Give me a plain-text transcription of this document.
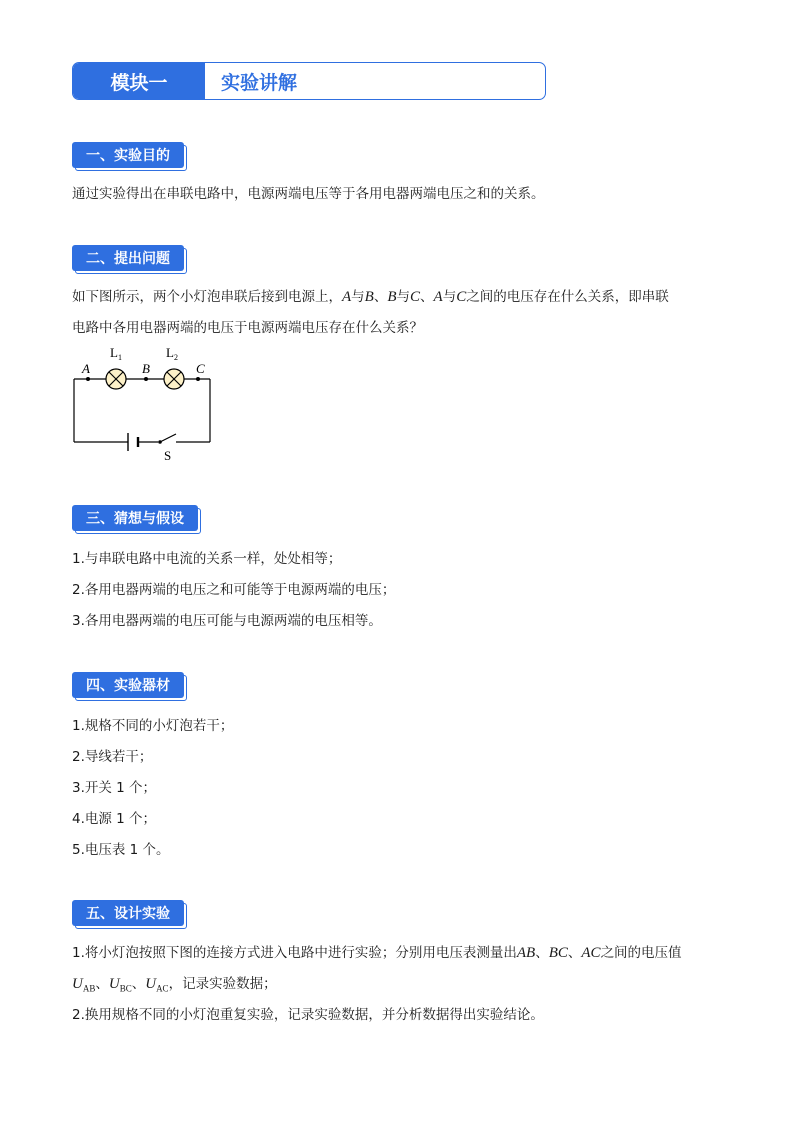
模块一	实验讲解
一、实验目的
通过实验得出在串联电路中，电源两端电压等于各用电器两端电压之和的关系。
二、提出问题
如下图所示，两个小灯泡串联后接到电源上，A与B、B与C、A与C之间的电压存在什么关系，即串联
电路中各用电器两端的电压于电源两端电压存在什么关系？
A	B	C
$L_1$	$L_2$
S
三、猜想与假设
1.与串联电路中电流的关系一样，处处相等；
2.各用电器两端的电压之和可能等于电源两端的电压；
3.各用电器两端的电压可能与电源两端的电压相等。
四、实验器材
1.规格不同的小灯泡若干；
2.导线若干；
3.开关 1 个；
4.电源 1 个；
5.电压表 1 个。
五、设计实验
1.将小灯泡按照下图的连接方式进入电路中进行实验；分别用电压表测量出AB、BC、AC之间的电压值
$U_{AB}$、$U_{BC}$、$U_{AC}$，记录实验数据；
2.换用规格不同的小灯泡重复实验，记录实验数据，并分析数据得出实验结论。
